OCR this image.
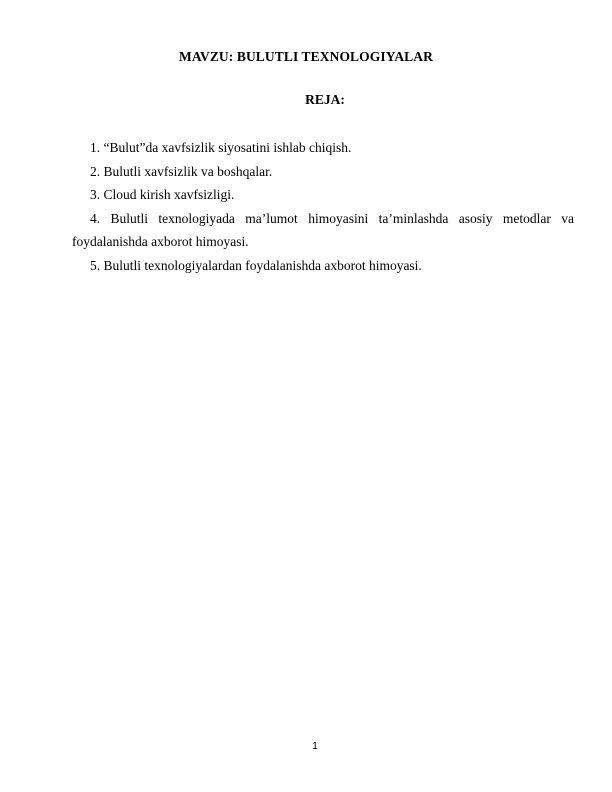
MAVZU: BULUTLI TEXNOLOGIYALAR
REJA:
1. “Bulut”da xavfsizlik siyosatini ishlab chiqish.
2. Bulutli xavfsizlik va boshqalar.
3. Cloud kirish xavfsizligi.
4. Bulutli texnologiyada ma’lumot himoyasini ta’minlashda asosiy metodlar va
foydalanishda axborot himoyasi.
5. Bulutli texnologiyalardan foydalanishda axborot himoyasi.
1
